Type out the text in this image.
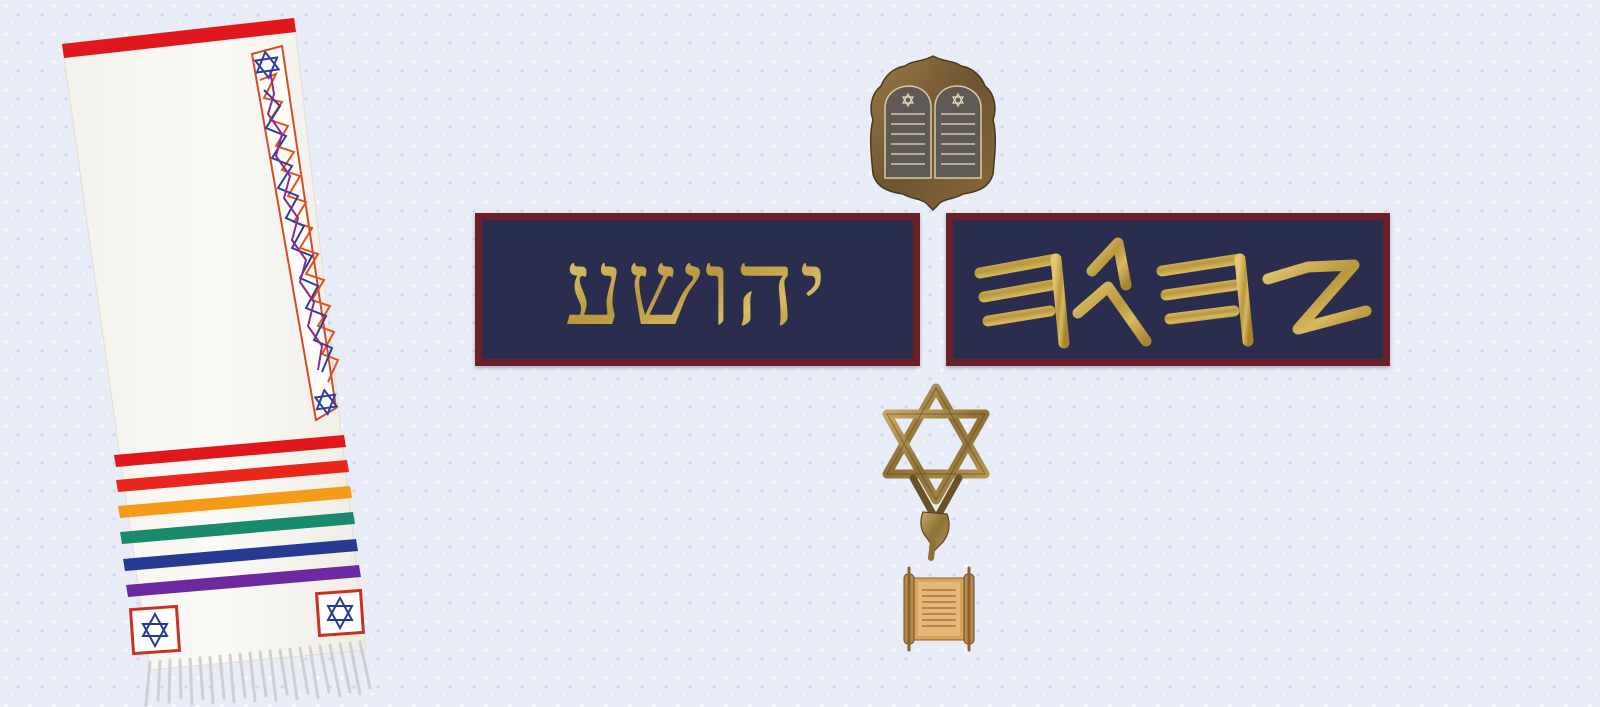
יהושע
